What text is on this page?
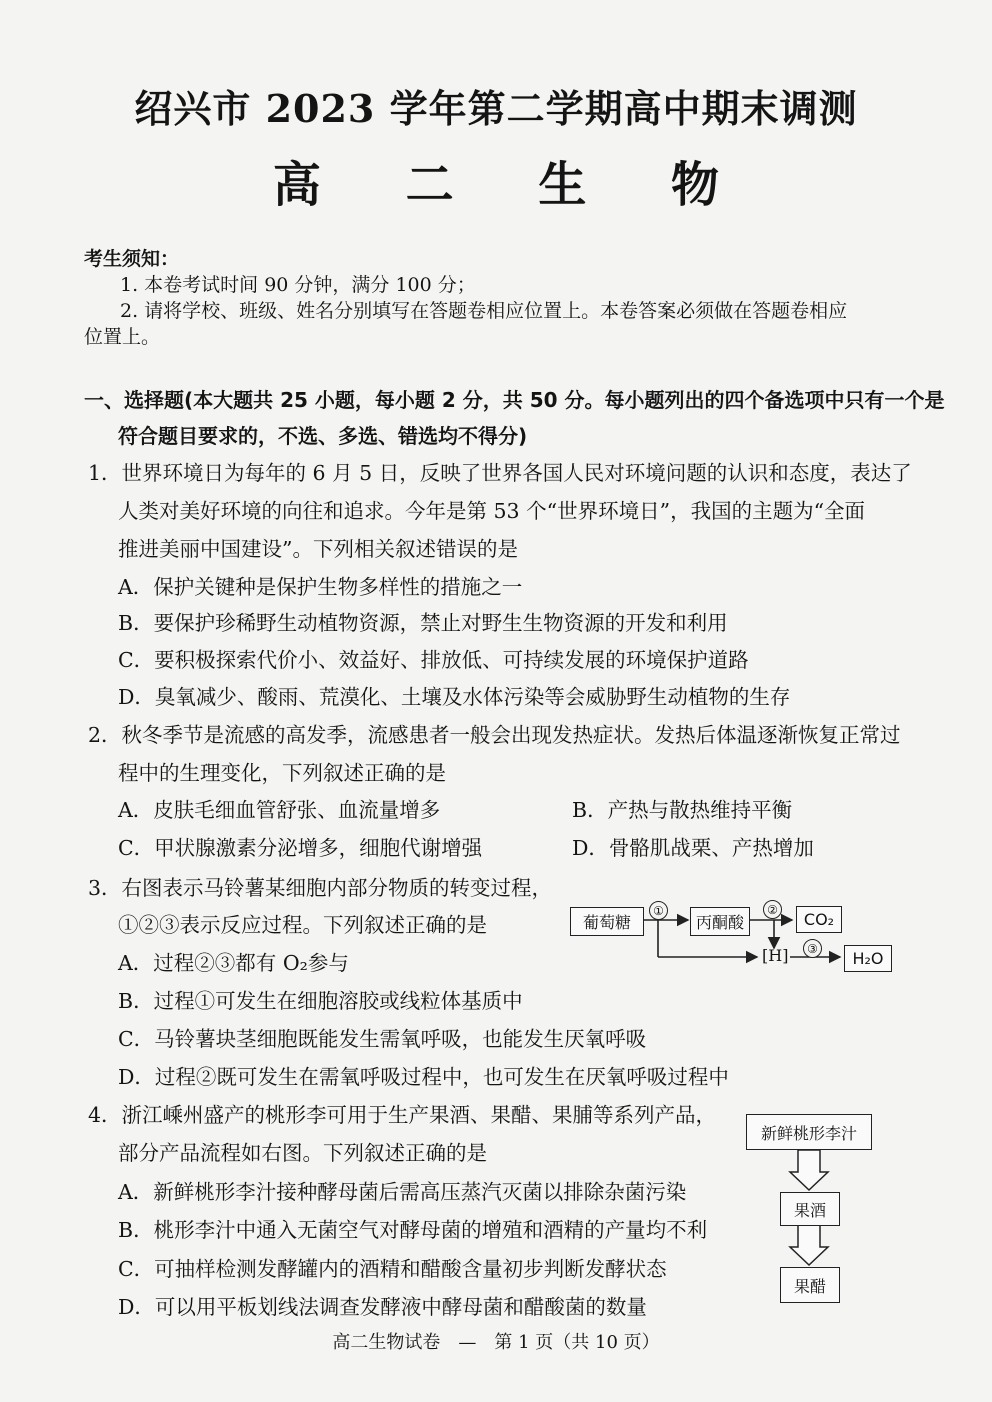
绍兴市 2023 学年第二学期高中期末调测
高 二 生 物
考生须知：
1. 本卷考试时间 90 分钟，满分 100 分；
2. 请将学校、班级、姓名分别填写在答题卷相应位置上。本卷答案必须做在答题卷相应
位置上。
一、选择题(本大题共 25 小题，每小题 2 分，共 50 分。每小题列出的四个备选项中只有一个是
符合题目要求的，不选、多选、错选均不得分)
1．世界环境日为每年的 6 月 5 日，反映了世界各国人民对环境问题的认识和态度，表达了
人类对美好环境的向往和追求。今年是第 53 个“世界环境日”，我国的主题为“全面
推进美丽中国建设”。下列相关叙述错误的是
A．保护关键种是保护生物多样性的措施之一
B．要保护珍稀野生动植物资源，禁止对野生生物资源的开发和利用
C．要积极探索代价小、效益好、排放低、可持续发展的环境保护道路
D．臭氧减少、酸雨、荒漠化、土壤及水体污染等会威胁野生动植物的生存
2．秋冬季节是流感的高发季，流感患者一般会出现发热症状。发热后体温逐渐恢复正常过
程中的生理变化，下列叙述正确的是
A．皮肤毛细血管舒张、血流量增多	B．产热与散热维持平衡
C．甲状腺激素分泌增多，细胞代谢增强	D．骨骼肌战栗、产热增加
3．右图表示马铃薯某细胞内部分物质的转变过程，
①②③表示反应过程。下列叙述正确的是
A．过程②③都有 O₂参与
B．过程①可发生在细胞溶胶或线粒体基质中
C．马铃薯块茎细胞既能发生需氧呼吸，也能发生厌氧呼吸
D．过程②既可发生在需氧呼吸过程中，也可发生在厌氧呼吸过程中
葡萄糖	丙酮酸	CO₂
[H]	H₂O
①	②
③
4．浙江嵊州盛产的桃形李可用于生产果酒、果醋、果脯等系列产品，
部分产品流程如右图。下列叙述正确的是
A．新鲜桃形李汁接种酵母菌后需高压蒸汽灭菌以排除杂菌污染
B．桃形李汁中通入无菌空气对酵母菌的增殖和酒精的产量均不利
C．可抽样检测发酵罐内的酒精和醋酸含量初步判断发酵状态
D．可以用平板划线法调查发酵液中酵母菌和醋酸菌的数量
新鲜桃形李汁
果酒
果醋
高二生物试卷　—　第 1 页（共 10 页）
